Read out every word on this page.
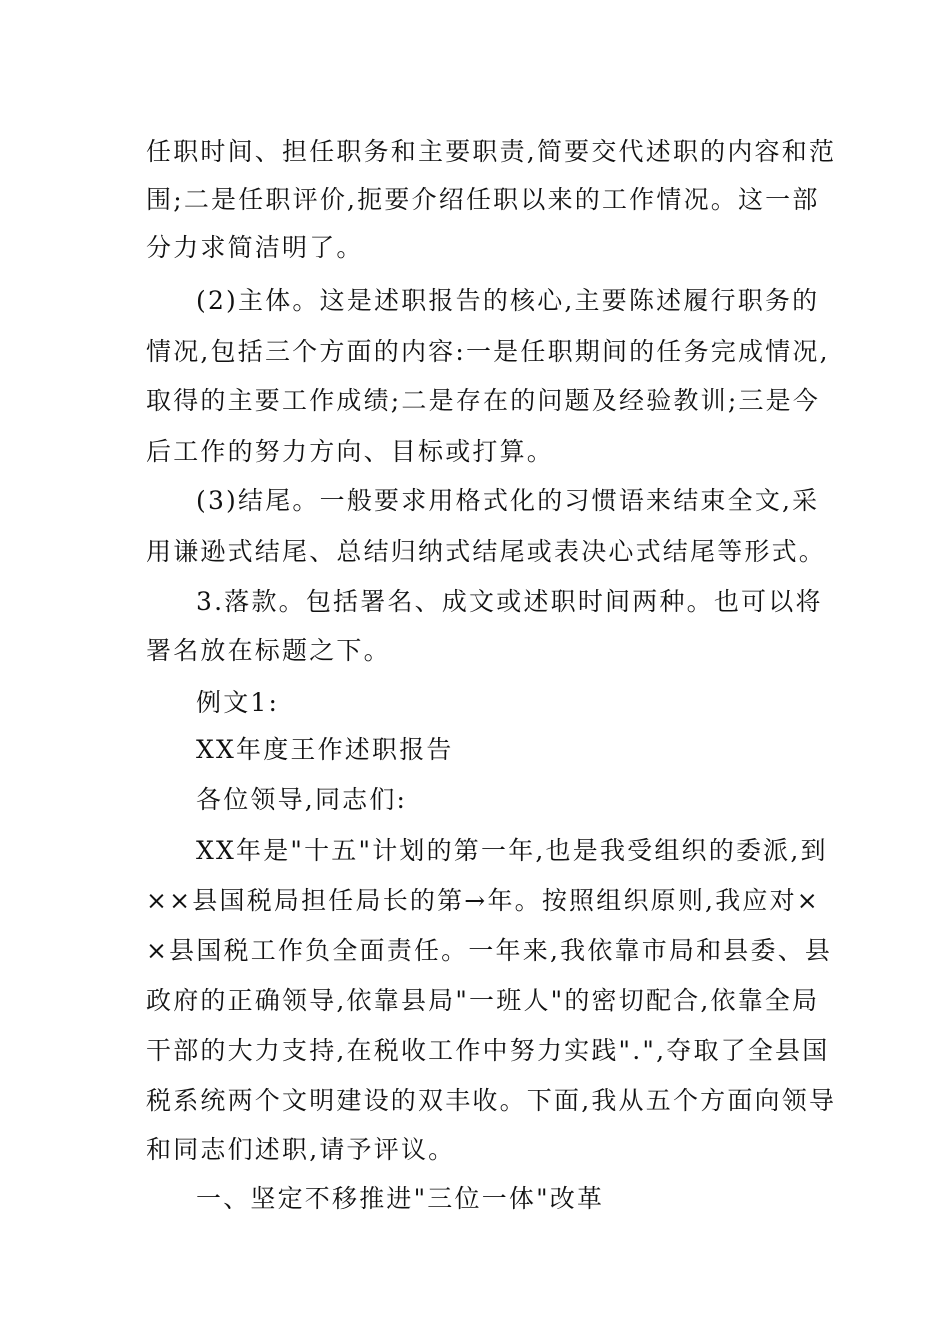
任职时间、担任职务和主要职责,简要交代述职的内容和范
围;二是任职评价,扼要介绍任职以来的工作情况。这一部
分力求简洁明了。
(2)主体。这是述职报告的核心,主要陈述履行职务的
情况,包括三个方面的内容:一是任职期间的任务完成情况,
取得的主要工作成绩;二是存在的问题及经验教训;三是今
后工作的努力方向、目标或打算。
(3)结尾。一般要求用格式化的习惯语来结束全文,采
用谦逊式结尾、总结归纳式结尾或表决心式结尾等形式。
3.落款。包括署名、成文或述职时间两种。也可以将
署名放在标题之下。
例文1:
XX年度王作述职报告
各位领导,同志们:
XX年是"十五"计划的第一年,也是我受组织的委派,到
××县国税局担任局长的第→年。按照组织原则,我应对×
×县国税工作负全面责任。一年来,我依靠市局和县委、县
政府的正确领导,依靠县局"一班人"的密切配合,依靠全局
干部的大力支持,在税收工作中努力实践".",夺取了全县国
税系统两个文明建设的双丰收。下面,我从五个方面向领导
和同志们述职,请予评议。
一、坚定不移推进"三位一体"改革
